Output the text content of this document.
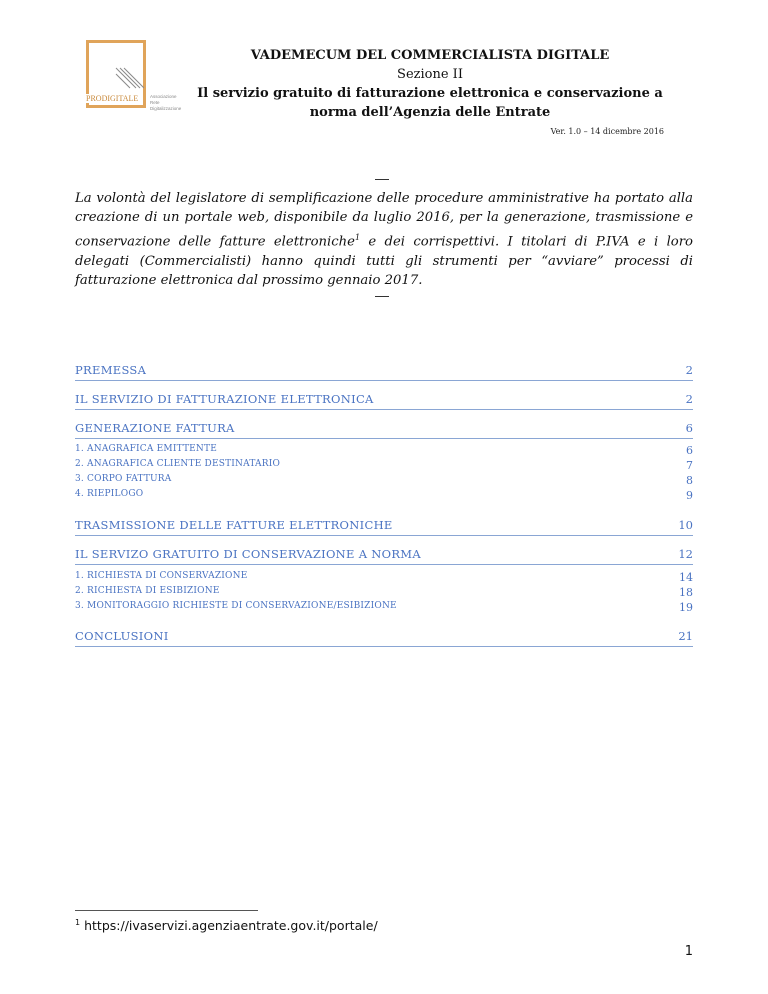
PRODIGITALE	Associazione
Rete
Digitalizzazione
VADEMECUM DEL COMMERCIALISTA DIGITALE
Sezione II
Il servizio gratuito di fatturazione elettronica e conservazione a
norma dell’Agenzia delle Entrate
Ver. 1.0 – 14 dicembre 2016
La volontà del legislatore di semplificazione delle procedure amministrative ha portato alla creazione di un portale web, disponibile da luglio 2016, per la generazione, trasmissione e conservazione delle fatture elettroniche$^1$ e dei corrispettivi. I titolari di P.IVA e i loro delegati (Commercialisti) hanno quindi tutti gli strumenti per “avviare” processi di fatturazione elettronica dal prossimo gennaio 2017.
PREMESSA	2
IL SERVIZIO DI FATTURAZIONE ELETTRONICA	2
GENERAZIONE FATTURA	6
1. ANAGRAFICA EMITTENTE	6
2. ANAGRAFICA CLIENTE DESTINATARIO	7
3. CORPO FATTURA	8
4. RIEPILOGO	9
TRASMISSIONE DELLE FATTURE ELETTRONICHE	10
IL SERVIZO GRATUITO DI CONSERVAZIONE A NORMA	12
1. RICHIESTA DI CONSERVAZIONE	14
2. RICHIESTA DI ESIBIZIONE	18
3. MONITORAGGIO RICHIESTE DI CONSERVAZIONE/ESIBIZIONE	19
CONCLUSIONI	21
$^1$ https://ivaservizi.agenziaentrate.gov.it/portale/
1
